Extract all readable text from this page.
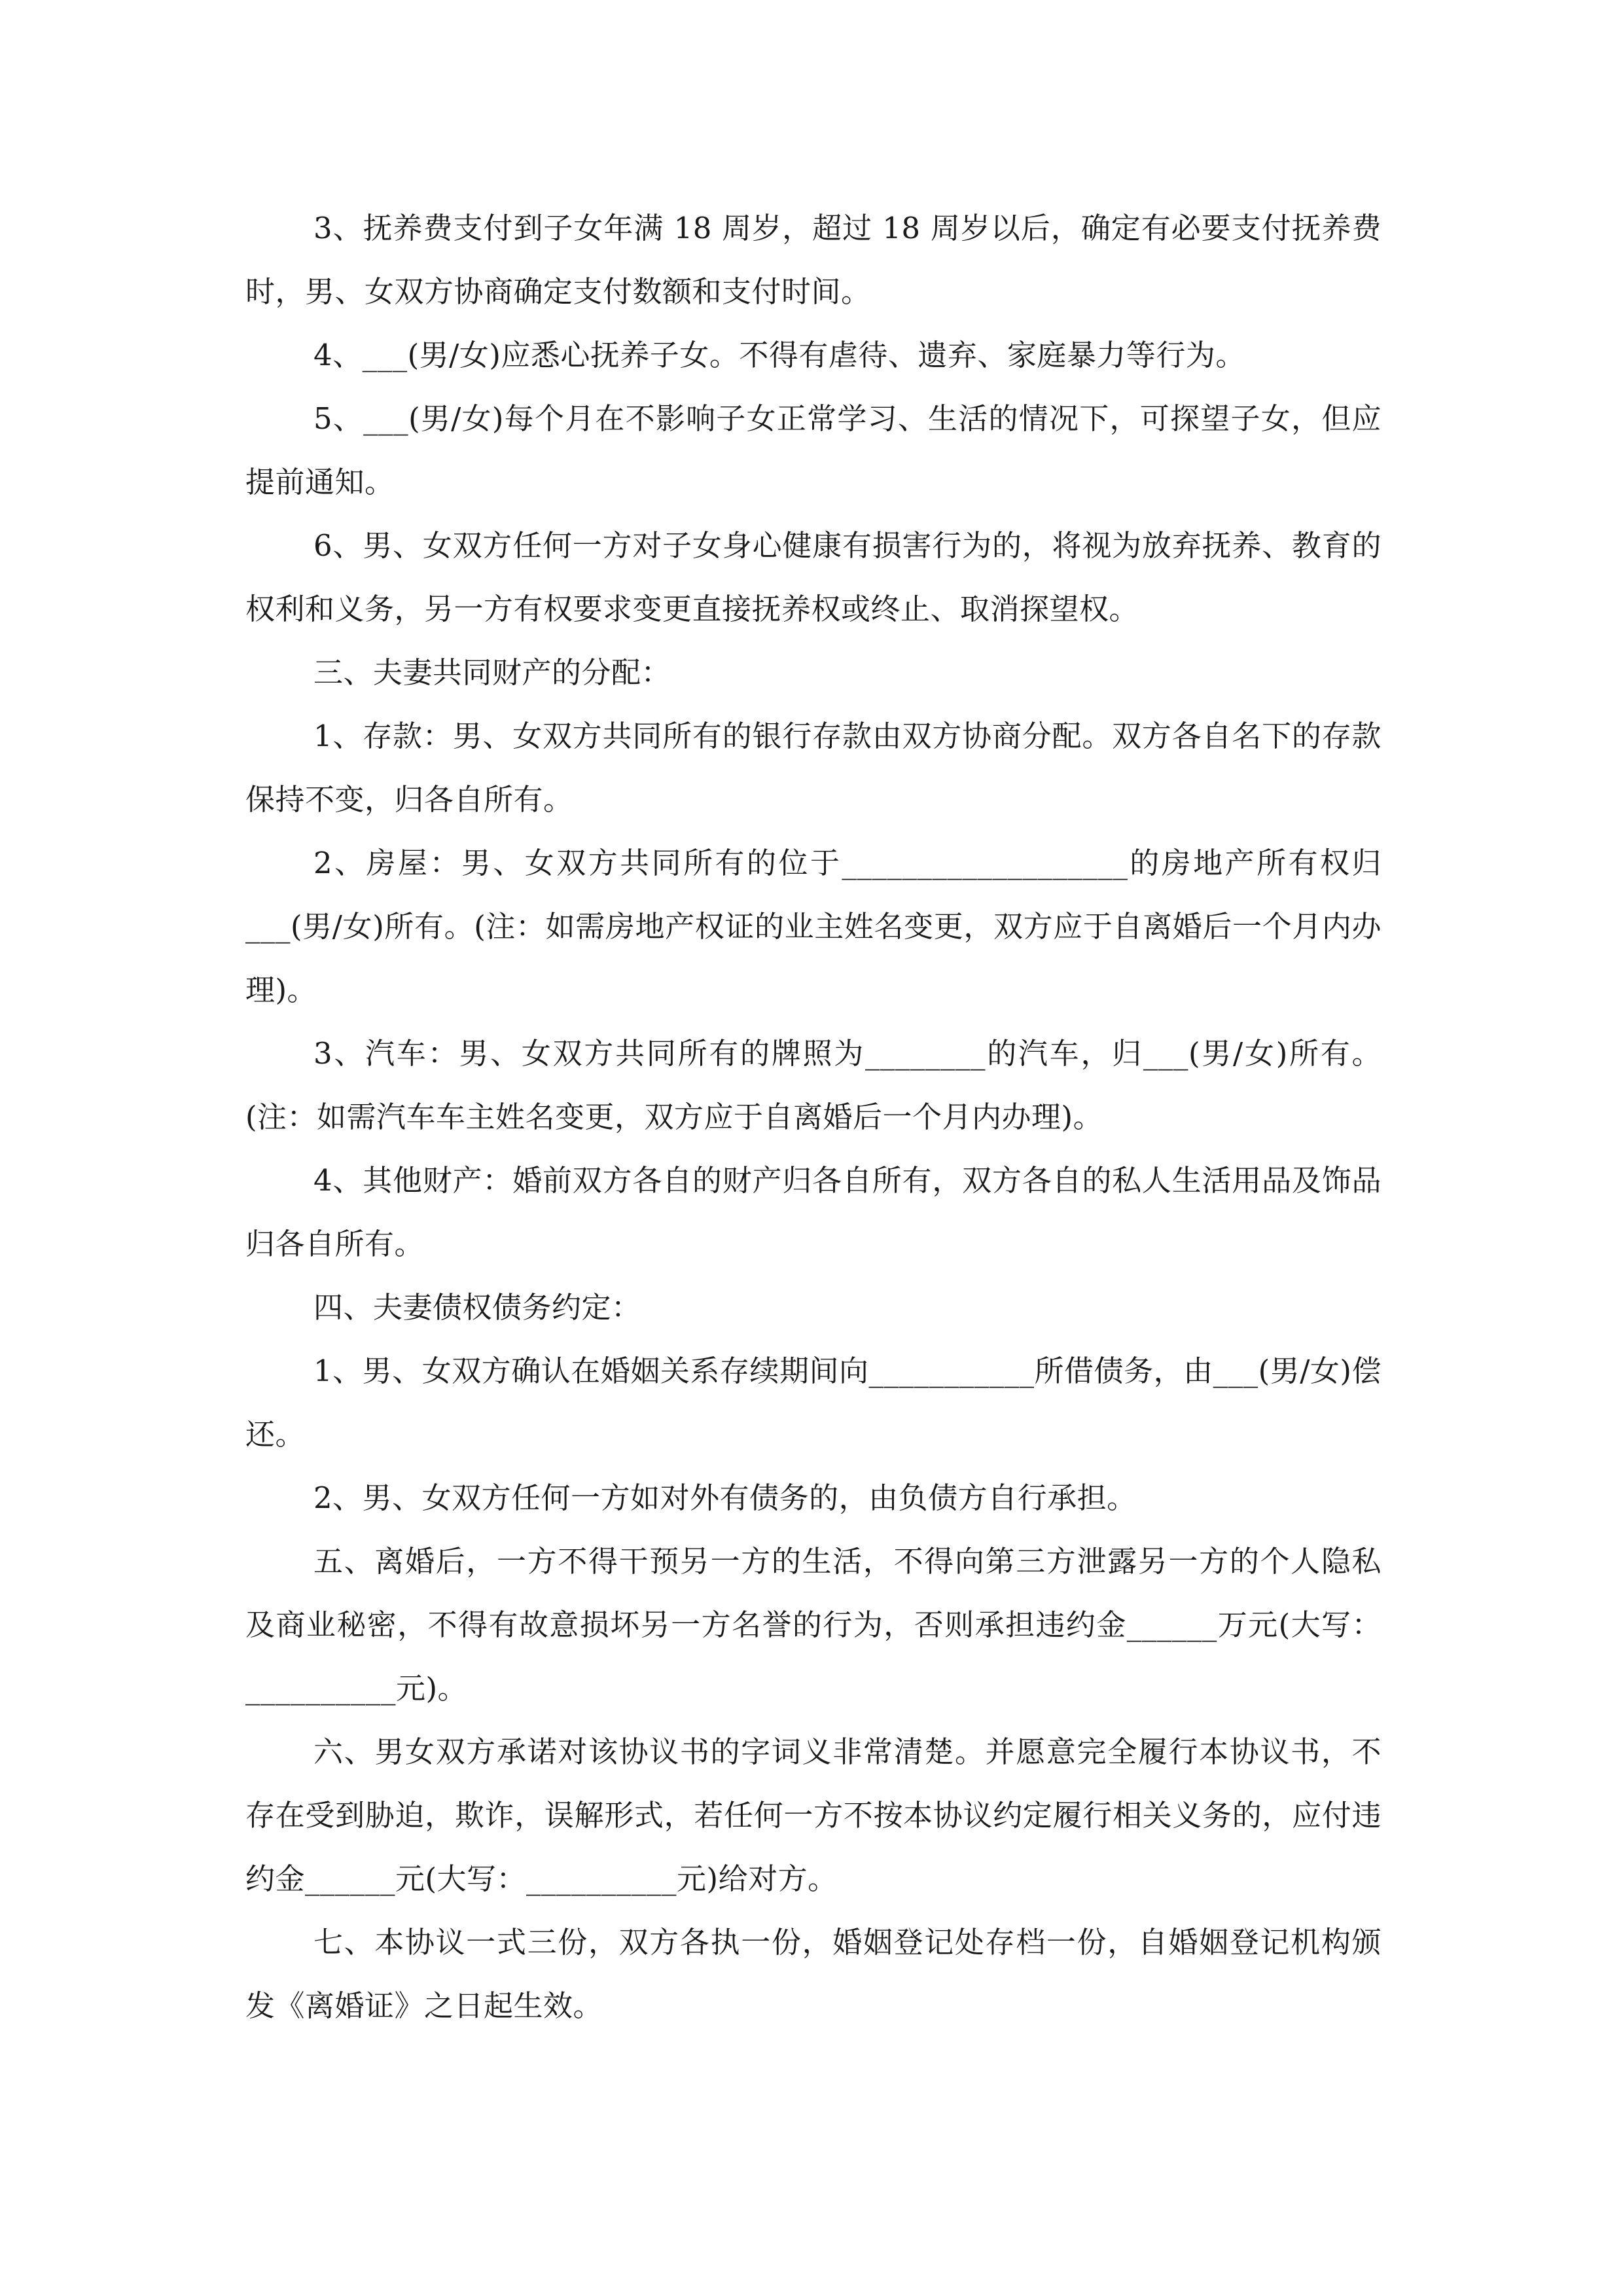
3、抚养费支付到子女年满 18 周岁，超过 18 周岁以后，确定有必要支付抚养费时，男、女双方协商确定支付数额和支付时间。

4、___(男/女)应悉心抚养子女。不得有虐待、遗弃、家庭暴力等行为。

5、___(男/女)每个月在不影响子女正常学习、生活的情况下，可探望子女，但应提前通知。

6、男、女双方任何一方对子女身心健康有损害行为的，将视为放弃抚养、教育的权利和义务，另一方有权要求变更直接抚养权或终止、取消探望权。

三、夫妻共同财产的分配：

1、存款：男、女双方共同所有的银行存款由双方协商分配。双方各自名下的存款保持不变，归各自所有。

2、房屋：男、女双方共同所有的位于___________________的房地产所有权归___(男/女)所有。(注：如需房地产权证的业主姓名变更，双方应于自离婚后一个月内办理)。

3、汽车：男、女双方共同所有的牌照为________的汽车，归___(男/女)所有。(注：如需汽车车主姓名变更，双方应于自离婚后一个月内办理)。

4、其他财产：婚前双方各自的财产归各自所有，双方各自的私人生活用品及饰品归各自所有。

四、夫妻债权债务约定：

1、男、女双方确认在婚姻关系存续期间向___________所借债务，由___(男/女)偿还。

2、男、女双方任何一方如对外有债务的，由负债方自行承担。

五、离婚后，一方不得干预另一方的生活，不得向第三方泄露另一方的个人隐私及商业秘密，不得有故意损坏另一方名誉的行为，否则承担违约金______万元(大写：__________元)。

六、男女双方承诺对该协议书的字词义非常清楚。并愿意完全履行本协议书，不存在受到胁迫，欺诈，误解形式，若任何一方不按本协议约定履行相关义务的，应付违约金______元(大写：__________元)给对方。

七、本协议一式三份，双方各执一份，婚姻登记处存档一份，自婚姻登记机构颁发《离婚证》之日起生效。
